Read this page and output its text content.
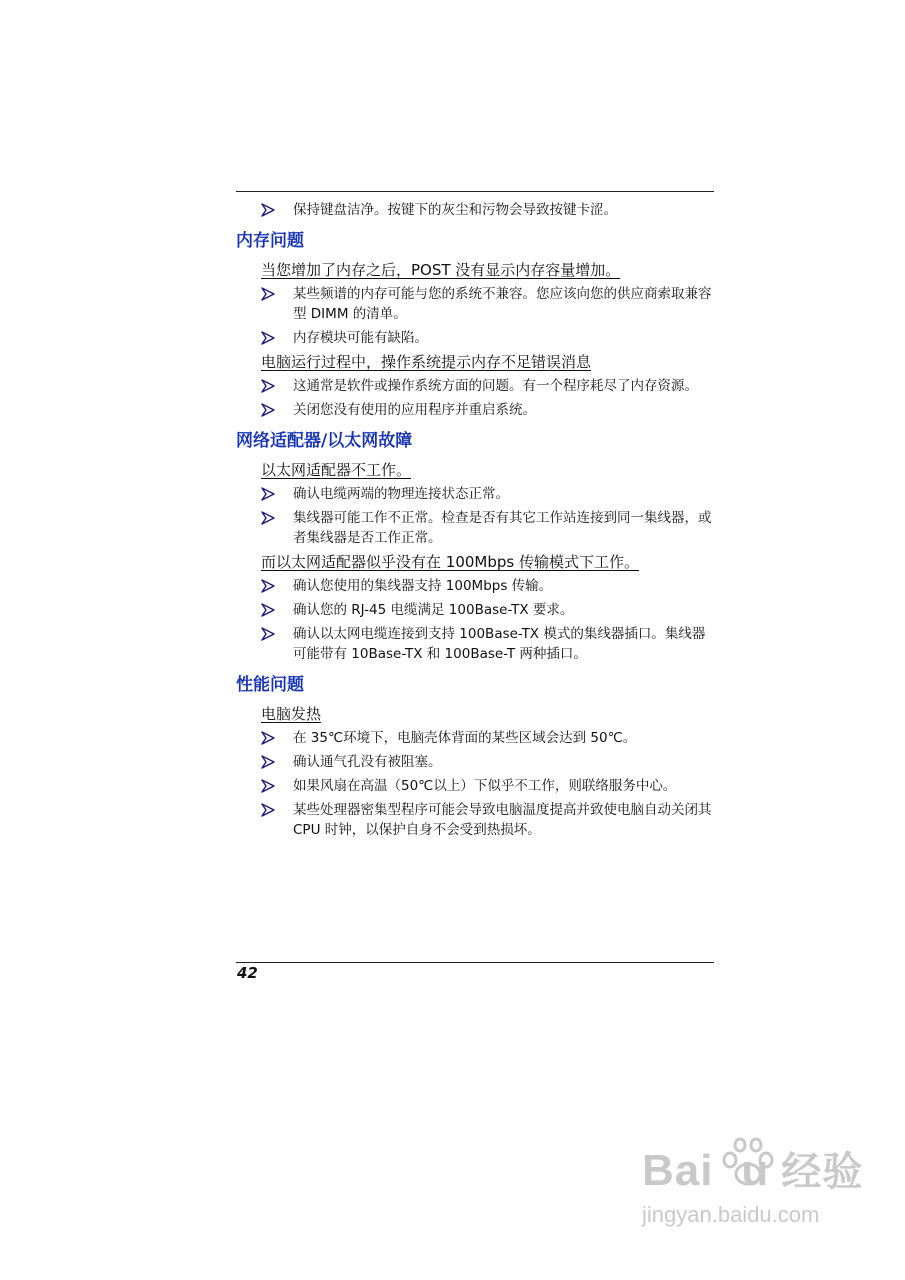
保持键盘洁净。按键下的灰尘和污物会导致按键卡涩。
内存问题
当您增加了内存之后，POST 没有显示内存容量增加。
某些频谱的内存可能与您的系统不兼容。您应该向您的供应商索取兼容型 DIMM 的清单。
内存模块可能有缺陷。
电脑运行过程中，操作系统提示内存不足错误消息
这通常是软件或操作系统方面的问题。有一个程序耗尽了内存资源。
关闭您没有使用的应用程序并重启系统。
网络适配器/以太网故障
以太网适配器不工作。
确认电缆两端的物理连接状态正常。
集线器可能工作不正常。检查是否有其它工作站连接到同一集线器，或者集线器是否工作正常。
而以太网适配器似乎没有在 100Mbps 传输模式下工作。
确认您使用的集线器支持 100Mbps 传输。
确认您的 RJ-45 电缆满足 100Base-TX 要求。
确认以太网电缆连接到支持 100Base-TX 模式的集线器插口。集线器可能带有 10Base-TX 和 100Base-T 两种插口。
性能问题
电脑发热
在 35℃环境下，电脑壳体背面的某些区域会达到 50℃。
确认通气孔没有被阻塞。
如果风扇在高温（50℃以上）下似乎不工作，则联络服务中心。
某些处理器密集型程序可能会导致电脑温度提高并致使电脑自动关闭其 CPU 时钟，以保护自身不会受到热损坏。
42
Bai u 经验
jingyan.baidu.com
